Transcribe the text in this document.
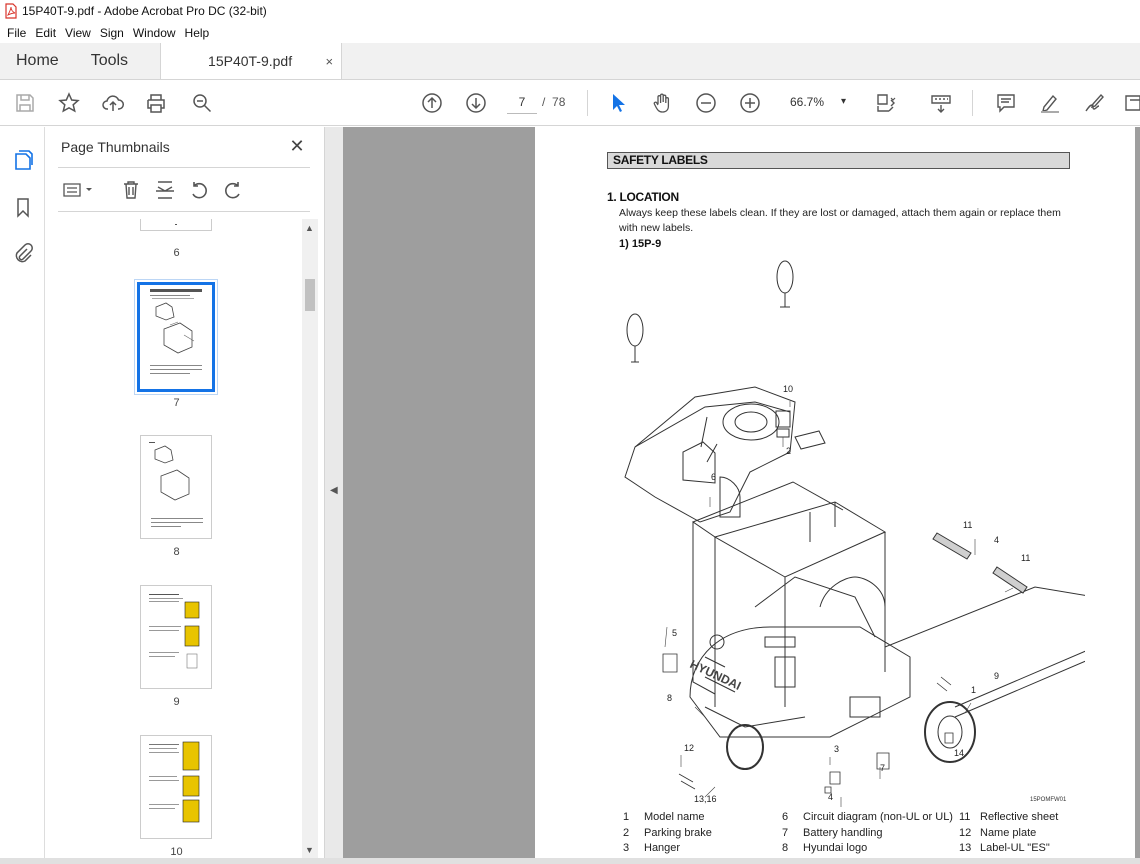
15P40T-9.pdf - Adobe Acrobat Pro DC (32-bit)
File Edit View Sign Window Help
Home	Tools	15P40T-9.pdf	×
7	/ 78	66.7% ▾
Page Thumbnails	✕
6
7
8
9
10
▲
▼
◀
SAFETY LABELS
1. LOCATION
Always keep these labels clean. If they are lost or damaged, attach them again or replace them with new labels.
1) 15P-9
HYUNDAI
10
2
6
11
4
11
5
9
1
8
12	3
7
14
4
13,16	15POMFW01
1	Model name
2	Parking brake
3	Hanger
6	Circuit diagram (non-UL or UL)
7	Battery handling
8	Hyundai logo
11 Reflective sheet
12 Name plate
13 Label-UL "ES"
